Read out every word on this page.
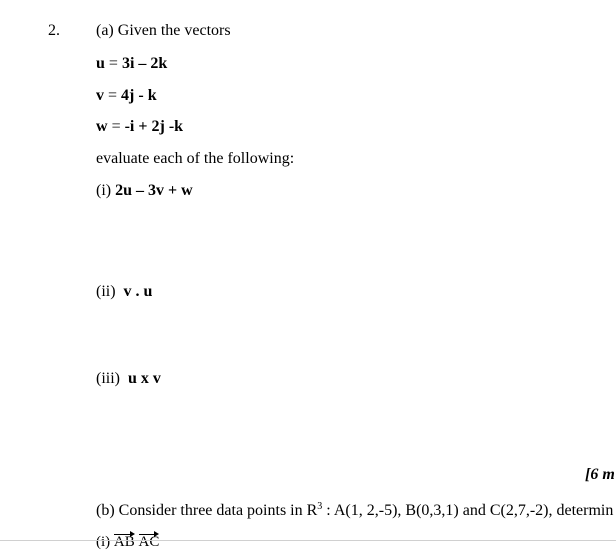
2. (a) Given the vectors
u = 3i – 2k
v = 4j - k
w = -i + 2j -k
evaluate each of the following:
(i) 2u – 3v + w
(ii) v . u
(iii) u x v
[6 m
(b) Consider three data points in $R^3$ : A(1, 2,-5), B(0,3,1) and C(2,7,-2), determin
(i) AB AC
